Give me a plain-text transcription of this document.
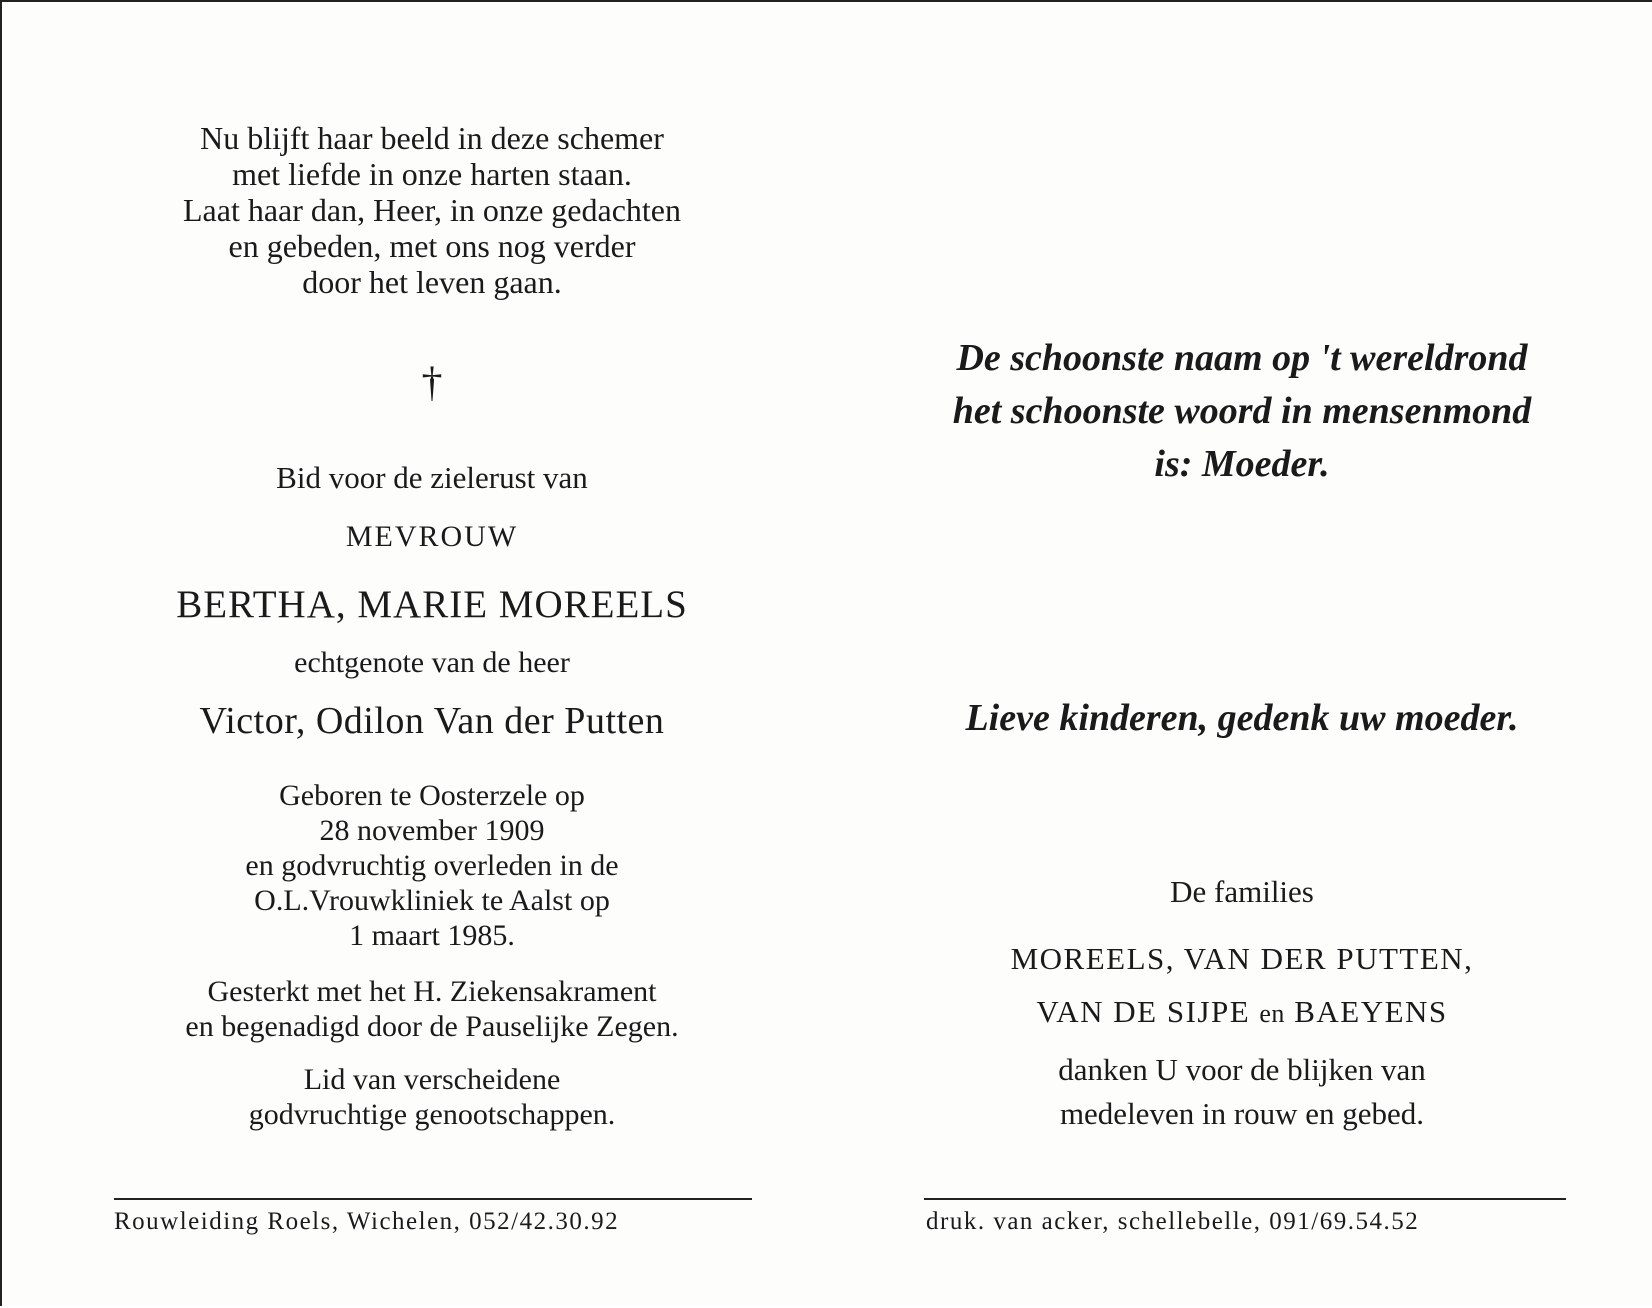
Nu blijft haar beeld in deze schemer
met liefde in onze harten staan.
Laat haar dan, Heer, in onze gedachten
en gebeden, met ons nog verder
door het leven gaan.
†
Bid voor de zielerust van
MEVROUW
BERTHA, MARIE MOREELS
echtgenote van de heer
Victor, Odilon Van der Putten
Geboren te Oosterzele op
28 november 1909
en godvruchtig overleden in de
O.L.Vrouwkliniek te Aalst op
1 maart 1985.
Gesterkt met het H. Ziekensakrament
en begenadigd door de Pauselijke Zegen.
Lid van verscheidene
godvruchtige genootschappen.
Rouwleiding Roels, Wichelen, 052/42.30.92
De schoonste naam op 't wereldrond
het schoonste woord in mensenmond
is: Moeder.
Lieve kinderen, gedenk uw moeder.
De families
MOREELS, VAN DER PUTTEN,
VAN DE SIJPE en BAEYENS
danken U voor de blijken van
medeleven in rouw en gebed.
druk. van acker, schellebelle, 091/69.54.52
